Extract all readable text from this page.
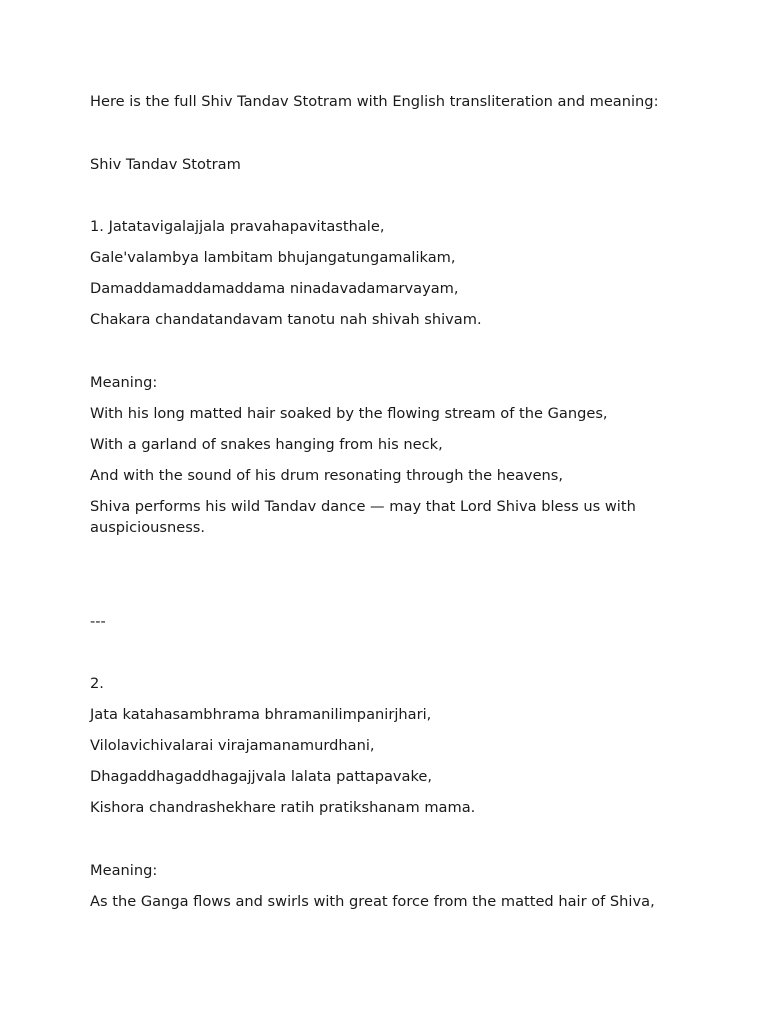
Here is the full Shiv Tandav Stotram with English transliteration and meaning:

Shiv Tandav Stotram

1. Jatatavigalajjala pravahapavitasthale,

Gale'valambya lambitam bhujangatungamalikam,

Damaddamaddamaddama ninadavadamarvayam,

Chakara chandatandavam tanotu nah shivah shivam.

Meaning:

With his long matted hair soaked by the flowing stream of the Ganges,

With a garland of snakes hanging from his neck,

And with the sound of his drum resonating through the heavens,

Shiva performs his wild Tandav dance — may that Lord Shiva bless us with auspiciousness.

---

2.

Jata katahasambhrama bhramanilimpanirjhari,

Vilolavichivalarai virajamanamurdhani,

Dhagaddhagaddhagajjvala lalata pattapavake,

Kishora chandrashekhare ratih pratikshanam mama.

Meaning:

As the Ganga flows and swirls with great force from the matted hair of Shiva,
